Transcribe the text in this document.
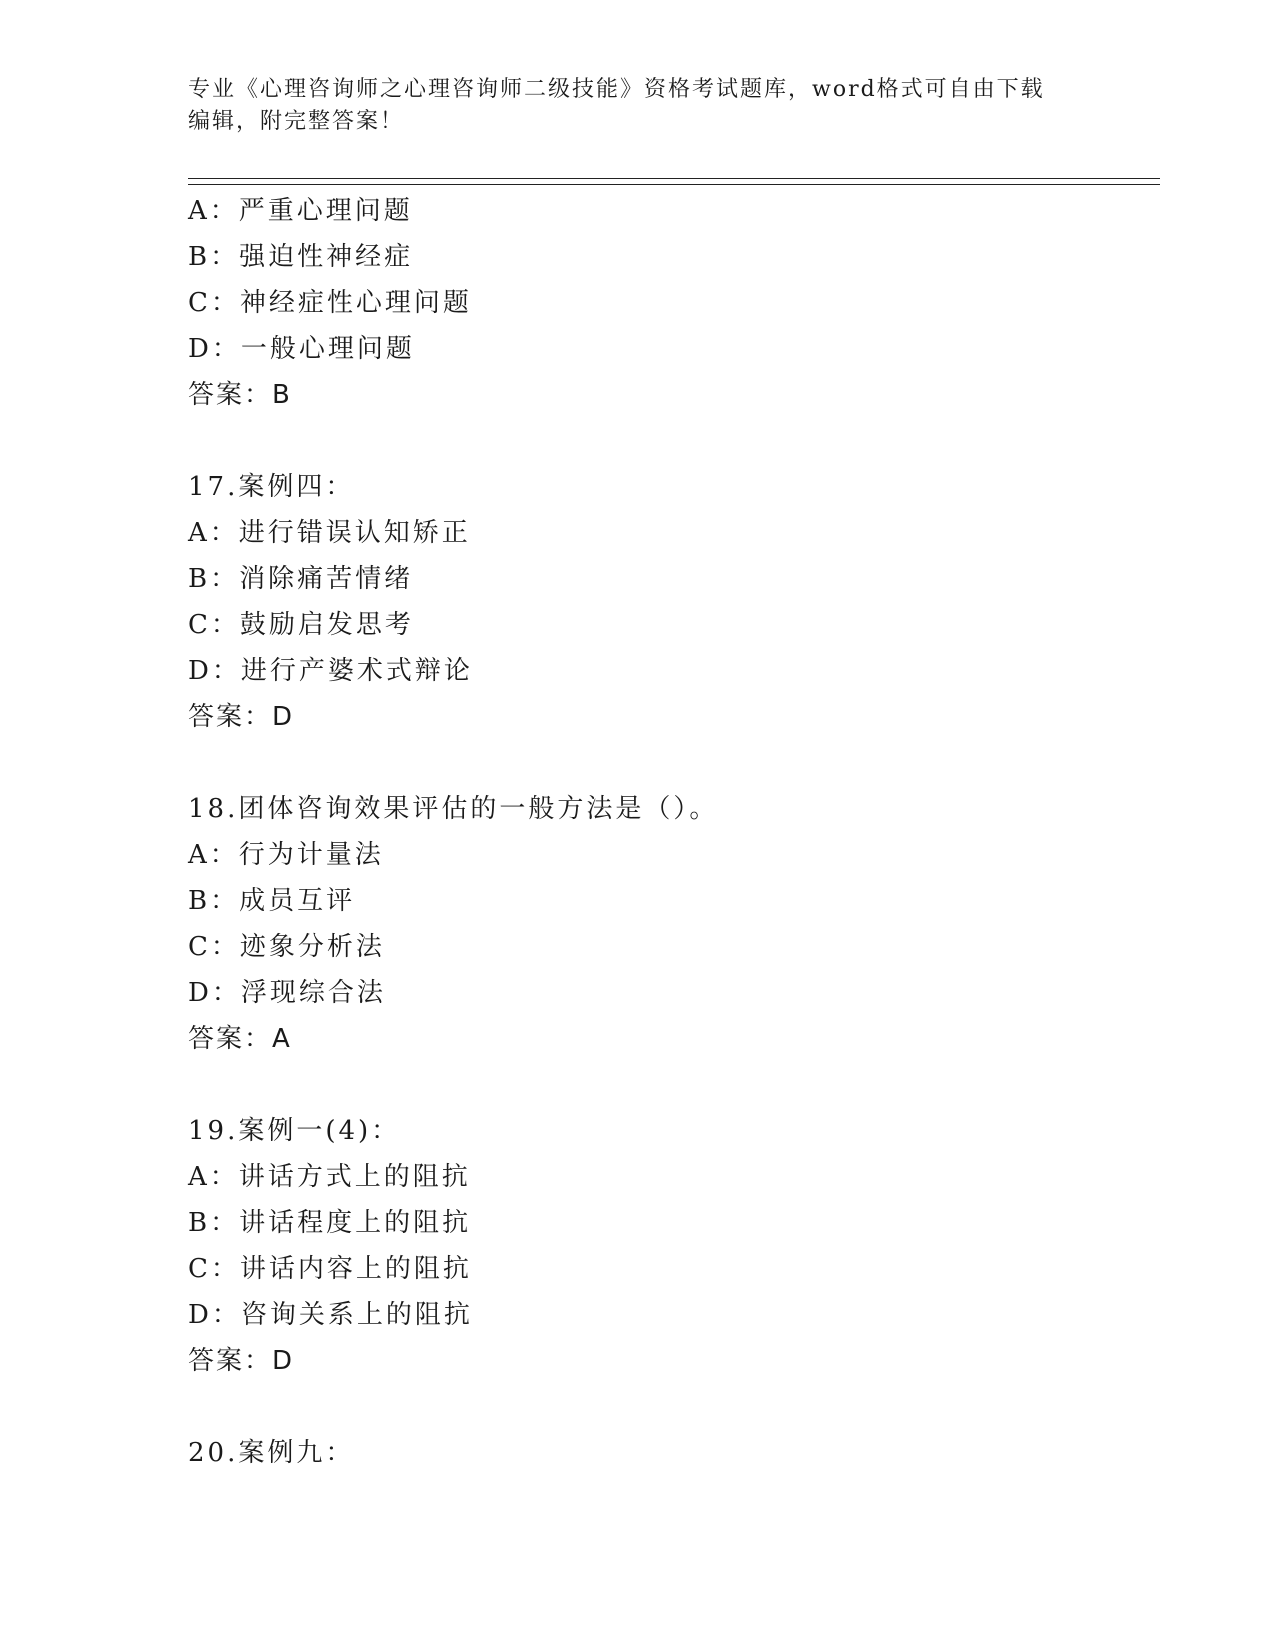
专业《心理咨询师之心理咨询师二级技能》资格考试题库，word格式可自由下载
编辑，附完整答案！
A：严重心理问题
B：强迫性神经症
C：神经症性心理问题
D：一般心理问题
答案：B
17.案例四：
A：进行错误认知矫正
B：消除痛苦情绪
C：鼓励启发思考
D：进行产婆术式辩论
答案：D
18.团体咨询效果评估的一般方法是（）。
A：行为计量法
B：成员互评
C：迹象分析法
D：浮现综合法
答案：A
19.案例一(4)：
A：讲话方式上的阻抗
B：讲话程度上的阻抗
C：讲话内容上的阻抗
D：咨询关系上的阻抗
答案：D
20.案例九：
